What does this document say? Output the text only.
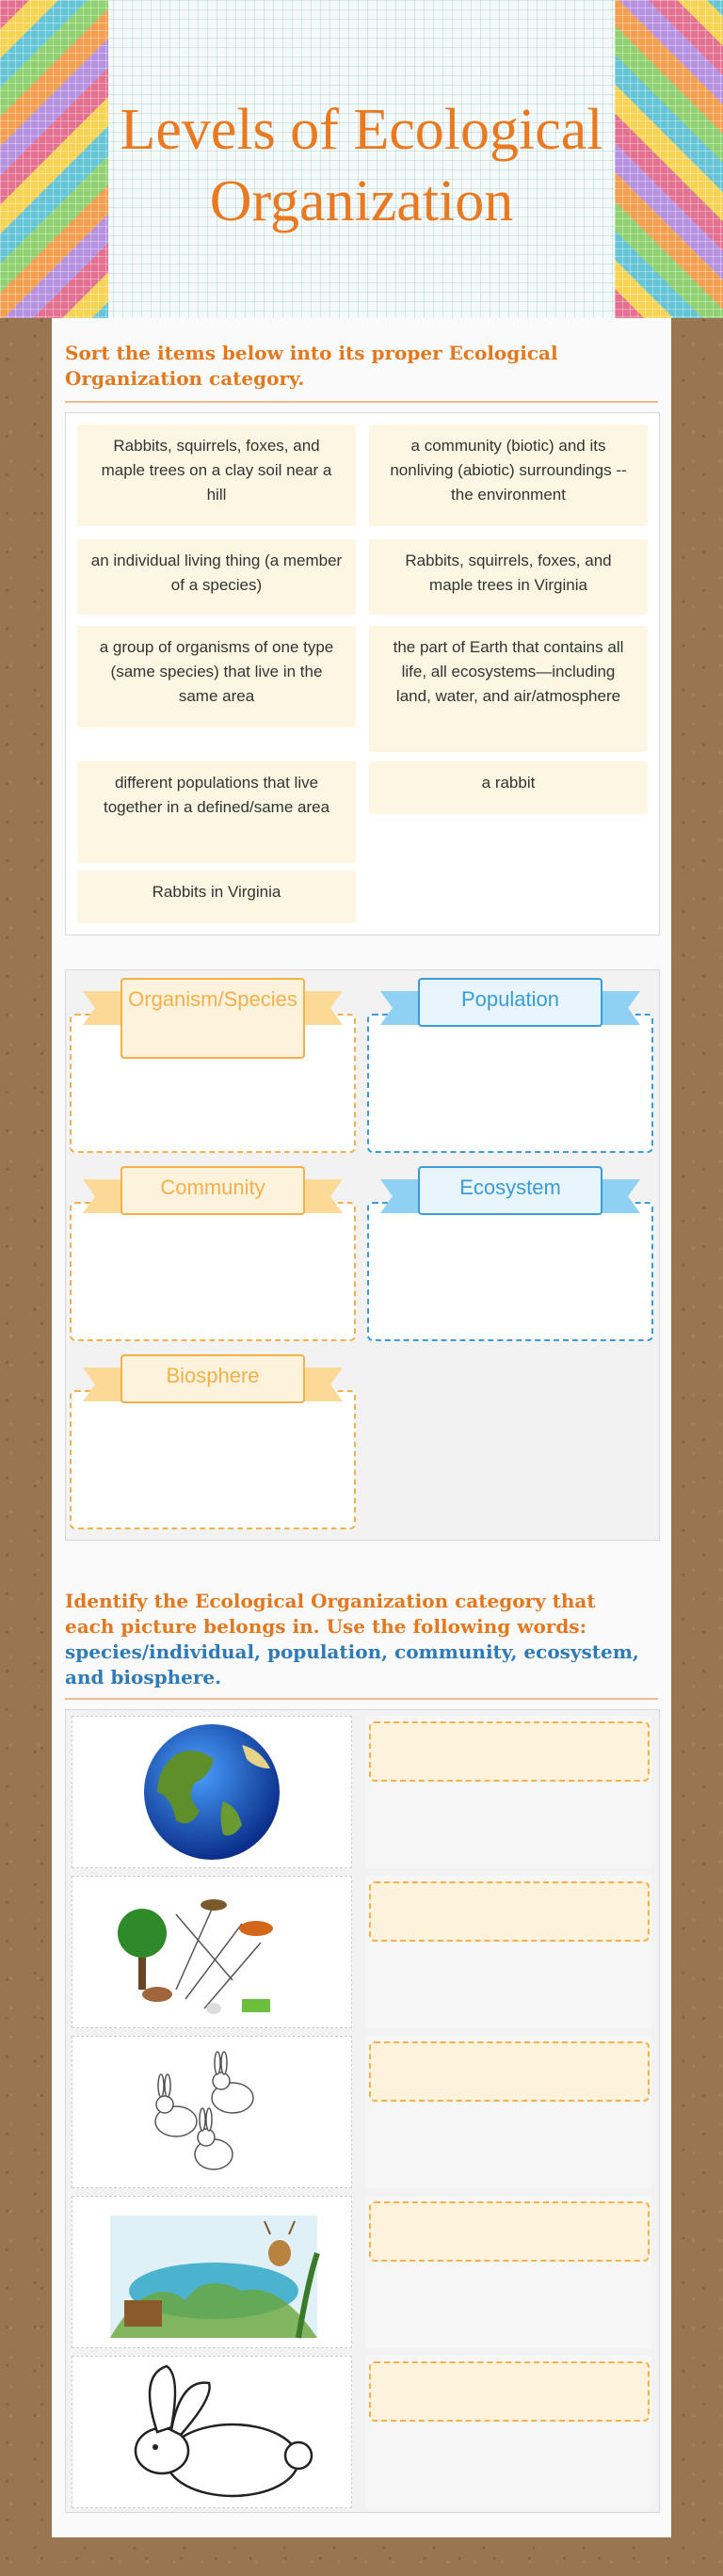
Levels of Ecological Organization

Sort the items below into its proper Ecological Organization category.

Rabbits, squirrels, foxes, and maple trees on a clay soil near a hill
a community (biotic) and its nonliving (abiotic) surroundings -- the environment
an individual living thing (a member of a species)
Rabbits, squirrels, foxes, and maple trees in Virginia
a group of organisms of one type (same species) that live in the same area
the part of Earth that contains all life, all ecosystems—including land, water, and air/atmosphere
different populations that live together in a defined/same area
a rabbit
Rabbits in Virginia
Organism/Species	Population
Community	Ecosystem
Biosphere

Identify the Ecological Organization category that each picture belongs in. Use the following words: species/individual, population, community, ecosystem, and biosphere.
